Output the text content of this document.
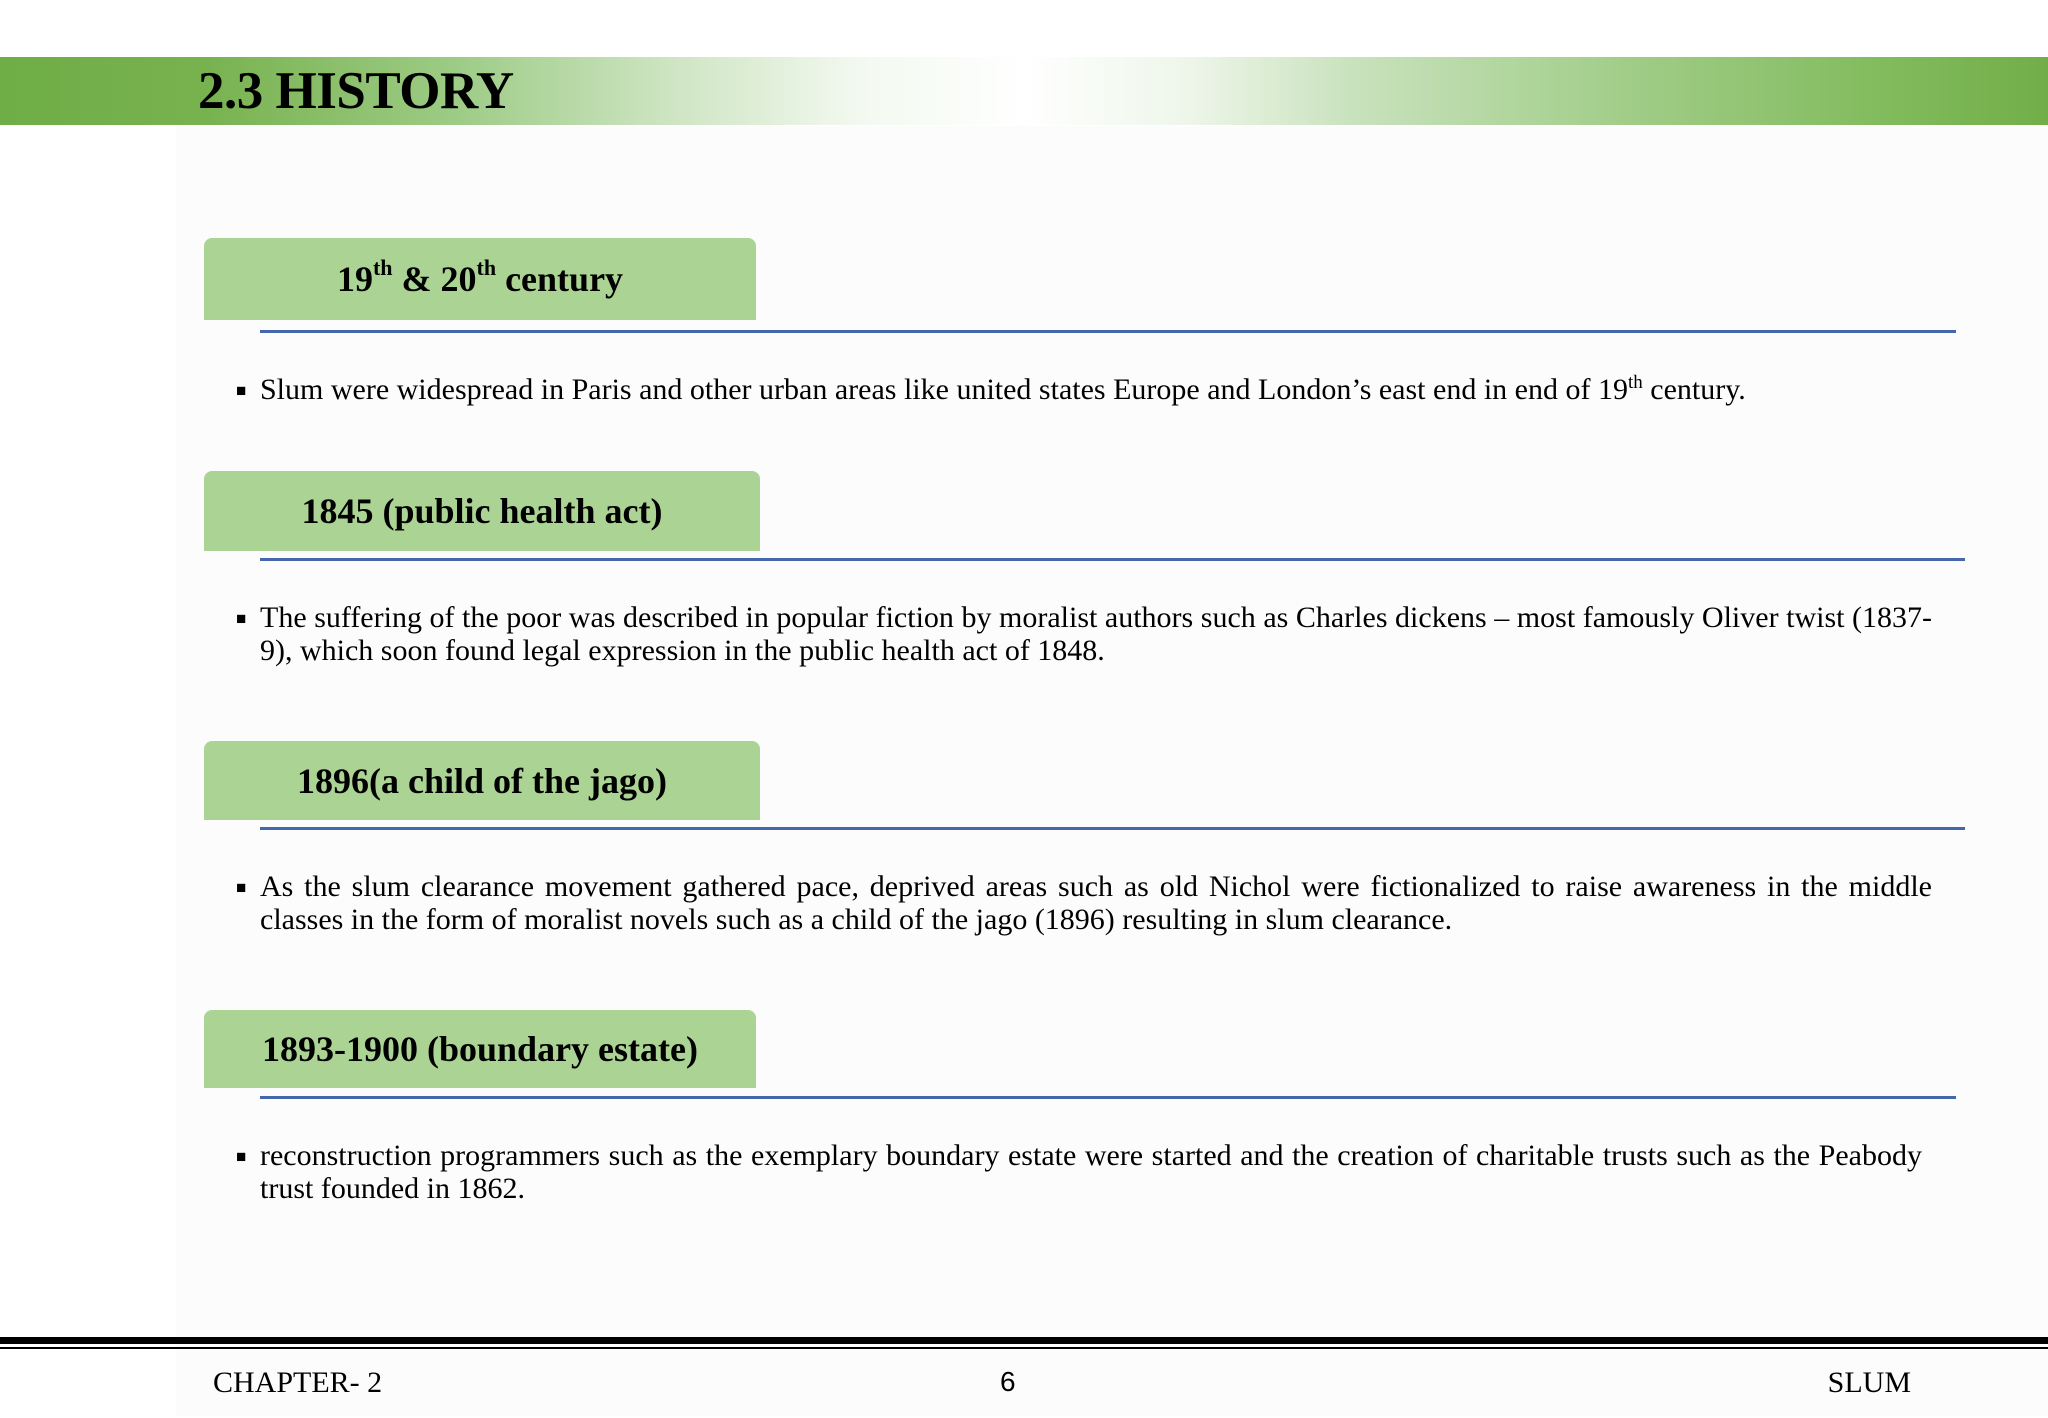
2.3 HISTORY
19th & 20th century
■ Slum were widespread in Paris and other urban areas like united states Europe and London’s east end in end of 19th century.

1845 (public health act)
■ The suffering of the poor was described in popular fiction by moralist authors such as Charles dickens – most famously Oliver twist (1837-9), which soon found legal expression in the public health act of 1848.

1896(a child of the jago)
■ As the slum clearance movement gathered pace, deprived areas such as old Nichol were fictionalized to raise awareness in the middle classes in the form of moralist novels such as a child of the jago (1896) resulting in slum clearance.

1893-1900 (boundary estate)
■ reconstruction programmers such as the exemplary boundary estate were started and the creation of charitable trusts such as the Peabody trust founded in 1862.

CHAPTER- 2	6	SLUM
